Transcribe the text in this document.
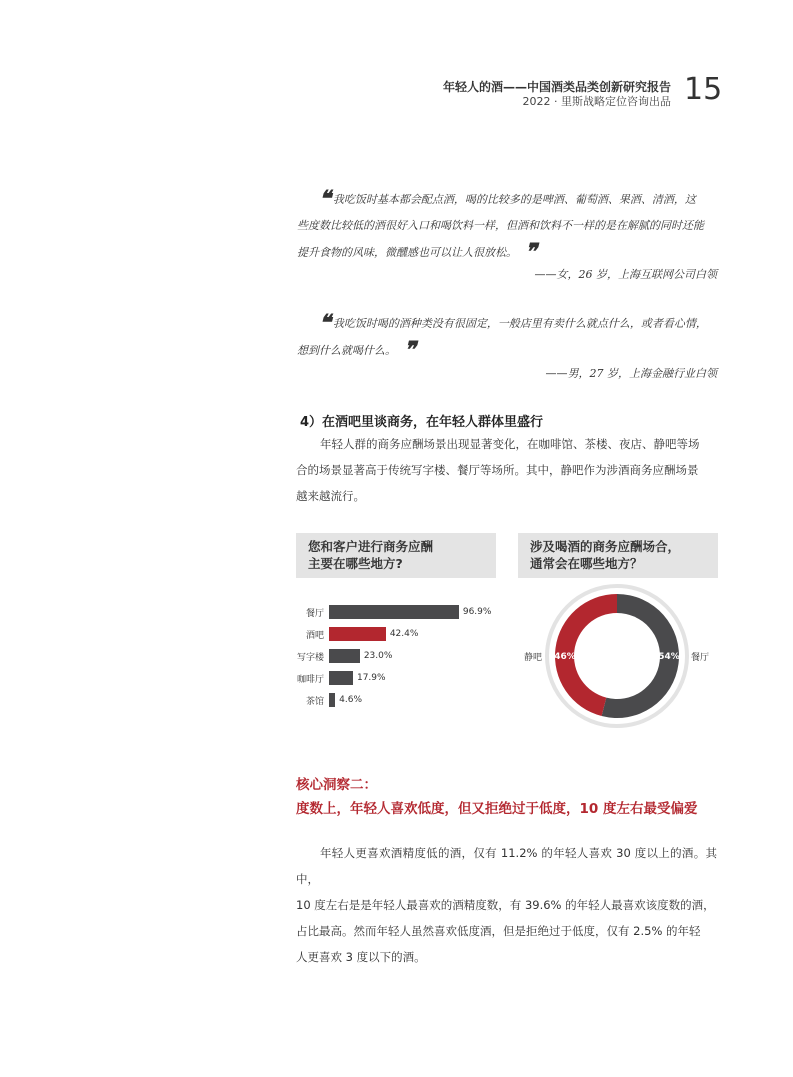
年轻人的酒——中国酒类品类创新研究报告
2022 · 里斯战略定位咨询出品 15
❝ 我吃饭时基本都会配点酒，喝的比较多的是啤酒、葡萄酒、果酒、清酒，这
些度数比较低的酒很好入口和喝饮料一样，但酒和饮料不一样的是在解腻的同时还能
提升食物的风味，微醺感也可以让人很放松。 ❞
——女，26 岁，上海互联网公司白领
❝ 我吃饭时喝的酒种类没有很固定，一般店里有卖什么就点什么，或者看心情，
想到什么就喝什么。 ❞
——男，27 岁，上海金融行业白领
4）在酒吧里谈商务，在年轻人群体里盛行
年轻人群的商务应酬场景出现显著变化，在咖啡馆、茶楼、夜店、静吧等场
合的场景显著高于传统写字楼、餐厅等场所。其中，静吧作为涉酒商务应酬场景
越来越流行。
您和客户进行商务应酬
主要在哪些地方?
涉及喝酒的商务应酬场合，
通常会在哪些地方？
餐厅	96.9%
酒吧	42.4%
写字楼	23.0%
咖啡厅	17.9%
茶馆 4.6%
46%	54%
核心洞察二：
度数上，年轻人喜欢低度，但又拒绝过于低度，10 度左右最受偏爱
年轻人更喜欢酒精度低的酒，仅有 11.2% 的年轻人喜欢 30 度以上的酒。其中，
10 度左右是是年轻人最喜欢的酒精度数，有 39.6% 的年轻人最喜欢该度数的酒，
占比最高。然而年轻人虽然喜欢低度酒，但是拒绝过于低度，仅有 2.5% 的年轻
人更喜欢 3 度以下的酒。
静吧	餐厅
